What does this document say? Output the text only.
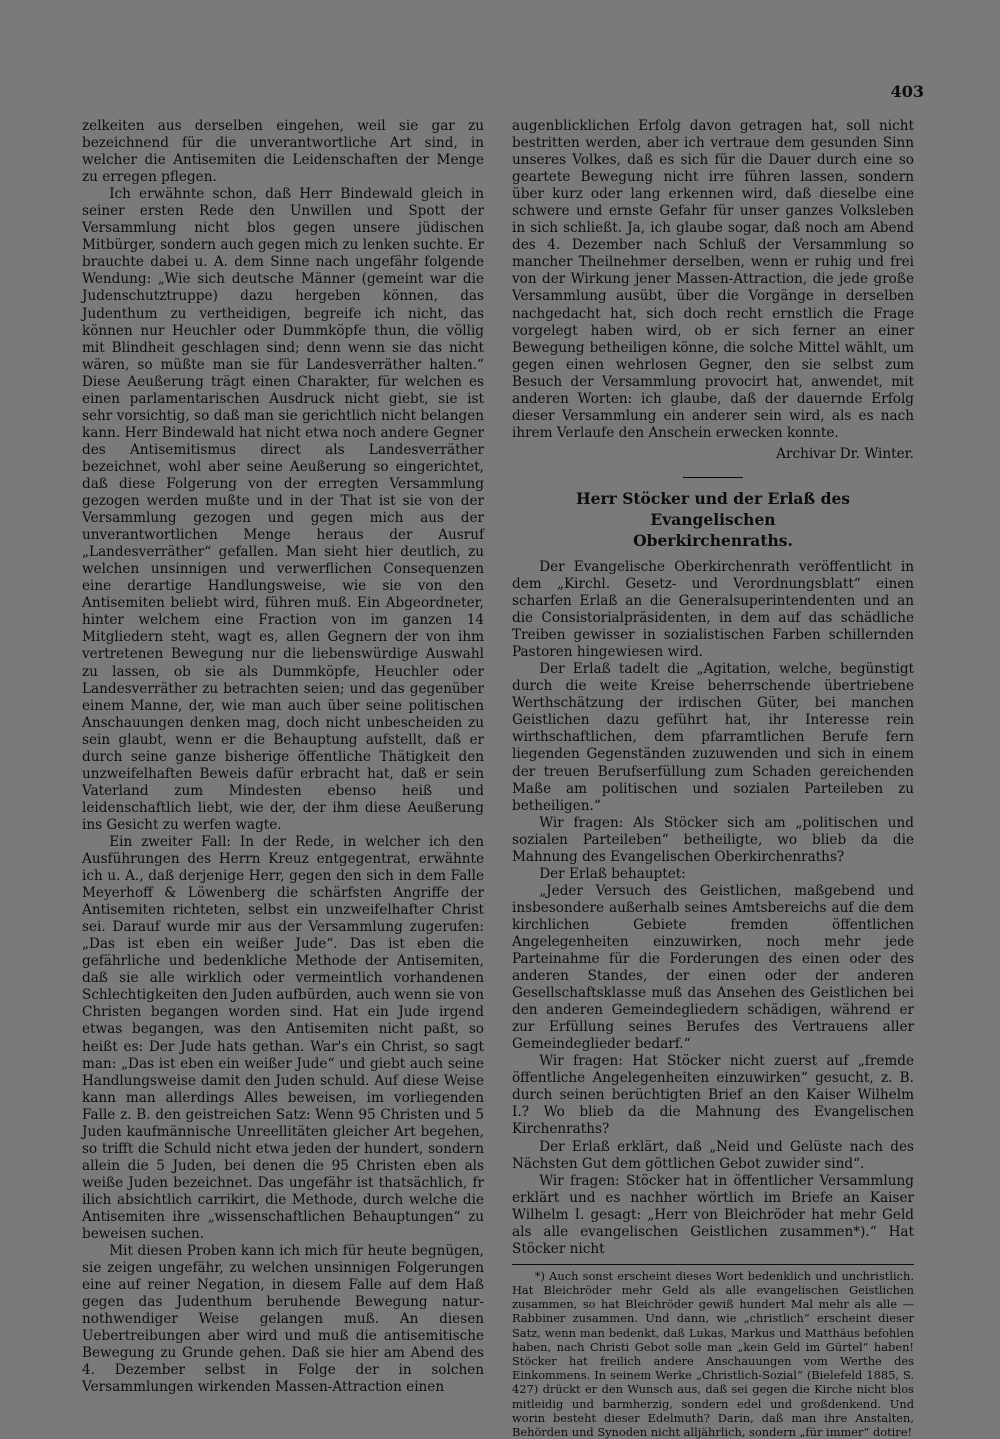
403

zelkeiten aus derselben eingehen, weil sie gar zu bezeichnend für die unverantwortliche Art sind, in welcher die Antisemiten die Leidenschaften der Menge zu erregen pflegen.

Ich erwähnte schon, daß Herr Bindewald gleich in seiner ersten Rede den Unwillen und Spott der Versammlung nicht blos gegen unsere jüdischen Mitbürger, sondern auch gegen mich zu lenken suchte. Er brauchte dabei u. A. dem Sinne nach ungefähr folgende Wendung: „Wie sich deutsche Männer (gemeint war die Judenschutztruppe) dazu hergeben können, das Judenthum zu vertheidigen, begreife ich nicht, das können nur Heuchler oder Dummköpfe thun, die völlig mit Blindheit geschlagen sind; denn wenn sie das nicht wären, so müßte man sie für Landesverräther halten.“ Diese Aeußerung trägt einen Charakter, für welchen es einen parlamentarischen Ausdruck nicht giebt, sie ist sehr vorsichtig, so daß man sie gerichtlich nicht belangen kann. Herr Bindewald hat nicht etwa noch andere Gegner des Antisemitismus direct als Landesverräther bezeichnet, wohl aber seine Aeußerung so eingerichtet, daß diese Folgerung von der erregten Versammlung gezogen werden mußte und in der That ist sie von der Versammlung gezogen und gegen mich aus der unverantwortlichen Menge heraus der Ausruf „Landesverräther“ gefallen. Man sieht hier deutlich, zu welchen unsinnigen und verwerflichen Consequenzen eine derartige Handlungsweise, wie sie von den Antisemiten beliebt wird, führen muß. Ein Abgeordneter, hinter welchem eine Fraction von im ganzen 14 Mitgliedern steht, wagt es, allen Gegnern der von ihm vertretenen Bewegung nur die liebenswürdige Auswahl zu lassen, ob sie als Dummköpfe, Heuchler oder Landesverräther zu betrachten seien; und das gegenüber einem Manne, der, wie man auch über seine politischen Anschauungen denken mag, doch nicht unbescheiden zu sein glaubt, wenn er die Behauptung aufstellt, daß er durch seine ganze bisherige öffentliche Thätigkeit den unzweifelhaften Beweis dafür erbracht hat, daß er sein Vaterland zum Mindesten ebenso heiß und leidenschaftlich liebt, wie der, der ihm diese Aeußerung ins Gesicht zu werfen wagte.

Ein zweiter Fall: In der Rede, in welcher ich den Ausführungen des Herrn Kreuz entgegentrat, erwähnte ich u. A., daß derjenige Herr, gegen den sich in dem Falle Meyerhoff & Löwenberg die schärfsten Angriffe der Antisemiten richteten, selbst ein unzweifelhafter Christ sei. Darauf wurde mir aus der Versammlung zugerufen: „Das ist eben ein weißer Jude“. Das ist eben die gefährliche und bedenkliche Methode der Antisemiten, daß sie alle wirklich oder vermeintlich vorhandenen Schlechtigkeiten den Juden aufbürden, auch wenn sie von Christen begangen worden sind. Hat ein Jude irgend etwas begangen, was den Antisemiten nicht paßt, so heißt es: Der Jude hats gethan. War's ein Christ, so sagt man: „Das ist eben ein weißer Jude“ und giebt auch seine Handlungsweise damit den Juden schuld. Auf diese Weise kann man allerdings Alles beweisen, im vorliegenden Falle z. B. den geistreichen Satz: Wenn 95 Christen und 5 Juden kaufmännische Unreellitäten gleicher Art begehen, so trifft die Schuld nicht etwa jeden der hundert, sondern allein die 5 Juden, bei denen die 95 Christen eben als weiße Juden bezeichnet. Das ungefähr ist thatsächlich, fr ilich absichtlich carrikirt, die Methode, durch welche die Antisemiten ihre „wissenschaftlichen Behauptungen“ zu beweisen suchen.

Mit diesen Proben kann ich mich für heute begnügen, sie zeigen ungefähr, zu welchen unsinnigen Folgerungen eine auf reiner Negation, in diesem Falle auf dem Haß gegen das Judenthum beruhende Bewegung natur-nothwendiger Weise gelangen muß. An diesen Uebertreibungen aber wird und muß die antisemitische Bewegung zu Grunde gehen. Daß sie hier am Abend des 4. Dezember selbst in Folge der in solchen Versammlungen wirkenden Massen-Attraction einen

augenblicklichen Erfolg davon getragen hat, soll nicht bestritten werden, aber ich vertraue dem gesunden Sinn unseres Volkes, daß es sich für die Dauer durch eine so geartete Bewegung nicht irre führen lassen, sondern über kurz oder lang erkennen wird, daß dieselbe eine schwere und ernste Gefahr für unser ganzes Volksleben in sich schließt. Ja, ich glaube sogar, daß noch am Abend des 4. Dezember nach Schluß der Versammlung so mancher Theilnehmer derselben, wenn er ruhig und frei von der Wirkung jener Massen-Attraction, die jede große Versammlung ausübt, über die Vorgänge in derselben nachgedacht hat, sich doch recht ernstlich die Frage vorgelegt haben wird, ob er sich ferner an einer Bewegung betheiligen könne, die solche Mittel wählt, um gegen einen wehrlosen Gegner, den sie selbst zum Besuch der Versammlung provocirt hat, anwendet, mit anderen Worten: ich glaube, daß der dauernde Erfolg dieser Versammlung ein anderer sein wird, als es nach ihrem Verlaufe den Anschein erwecken konnte.

Archivar Dr. Winter.
Herr Stöcker und der Erlaß des Evangelischen
Oberkirchenraths.

Der Evangelische Oberkirchenrath veröffentlicht in dem „Kirchl. Gesetz- und Verordnungsblatt“ einen scharfen Erlaß an die Generalsuperintendenten und an die Consistorialpräsidenten, in dem auf das schädliche Treiben gewisser in sozialistischen Farben schillernden Pastoren hingewiesen wird.

Der Erlaß tadelt die „Agitation, welche, begünstigt durch die weite Kreise beherrschende übertriebene Werthschätzung der irdischen Güter, bei manchen Geistlichen dazu geführt hat, ihr Interesse rein wirthschaftlichen, dem pfarramtlichen Berufe fern liegenden Gegenständen zuzuwenden und sich in einem der treuen Berufserfüllung zum Schaden gereichenden Maße am politischen und sozialen Parteileben zu betheiligen.“

Wir fragen: Als Stöcker sich am „politischen und sozialen Parteileben“ betheiligte, wo blieb da die Mahnung des Evangelischen Oberkirchenraths?

Der Erlaß behauptet:

„Jeder Versuch des Geistlichen, maßgebend und insbesondere außerhalb seines Amtsbereichs auf die dem kirchlichen Gebiete fremden öffentlichen Angelegenheiten einzuwirken, noch mehr jede Parteinahme für die Forderungen des einen oder des anderen Standes, der einen oder der anderen Gesellschaftsklasse muß das Ansehen des Geistlichen bei den anderen Gemeindegliedern schädigen, während er zur Erfüllung seines Berufes des Vertrauens aller Gemeindeglieder bedarf.“

Wir fragen: Hat Stöcker nicht zuerst auf „fremde öffentliche Angelegenheiten einzuwirken“ gesucht, z. B. durch seinen berüchtigten Brief an den Kaiser Wilhelm I.? Wo blieb da die Mahnung des Evangelischen Kirchenraths?

Der Erlaß erklärt, daß „Neid und Gelüste nach des Nächsten Gut dem göttlichen Gebot zuwider sind“.

Wir fragen: Stöcker hat in öffentlicher Versammlung erklärt und es nachher wörtlich im Briefe an Kaiser Wilhelm I. gesagt: „Herr von Bleichröder hat mehr Geld als alle evangelischen Geistlichen zusammen*).“ Hat Stöcker nicht

*) Auch sonst erscheint dieses Wort bedenklich und unchristlich. Hat Bleichröder mehr Geld als alle evangelischen Geistlichen zusammen, so hat Bleichröder gewiß hundert Mal mehr als alle — Rabbiner zusammen. Und dann, wie „christlich“ erscheint dieser Satz, wenn man bedenkt, daß Lukas, Markus und Matthäus befohlen haben, nach Christi Gebot solle man „kein Geld im Gürtel“ haben! Stöcker hat freilich andere Anschauungen vom Werthe des Einkommens. In seinem Werke „Christlich-Sozial“ (Bielefeld 1885, S. 427) drückt er den Wunsch aus, daß sei gegen die Kirche nicht blos mitleidig und barmherzig, sondern edel und großdenkend. Und worin besteht dieser Edelmuth? Darin, daß man ihre Anstalten, Behörden und Synoden nicht alljährlich, sondern „für immer“ dotire!
